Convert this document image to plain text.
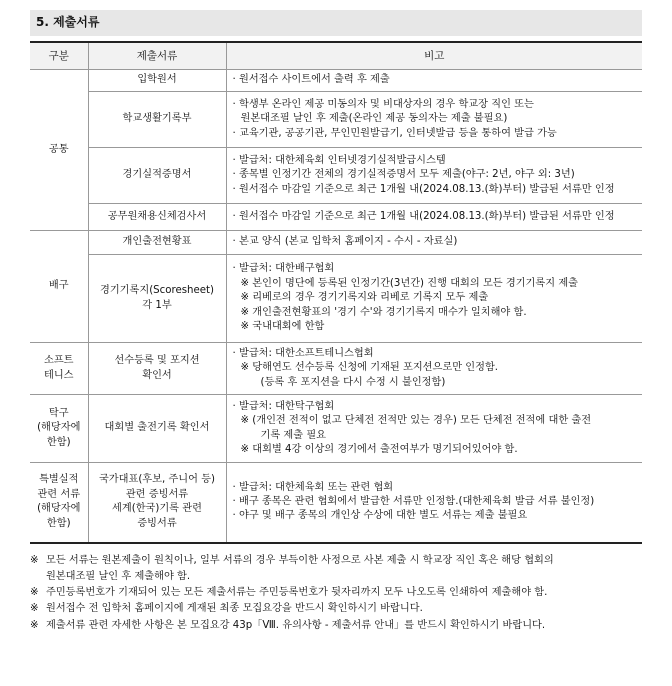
5. 제출서류
구분	제출서류	비고

공통	입학원서	· 원서접수 사이트에서 출력 후 제출

	학교생활기록부	· 학생부 온라인 제공 미동의자 및 비대상자의 경우 학교장 직인 또는
원본대조필 날인 후 제출(온라인 제공 동의자는 제출 불필요)
· 교육기관, 공공기관, 무인민원발급기, 인터넷발급 등을 통하여 발급 가능

	경기실적증명서	· 발급처: 대한체육회 인터넷경기실적발급시스템
· 종목별 인정기간 전체의 경기실적증명서 모두 제출(야구: 2년, 야구 외: 3년)
· 원서접수 마감일 기준으로 최근 1개월 내(2024.08.13.(화)부터) 발급된 서류만 인정

	공무원채용신체검사서	· 원서접수 마감일 기준으로 최근 1개월 내(2024.08.13.(화)부터) 발급된 서류만 인정

배구	개인출전현황표	· 본교 양식 (본교 입학처 홈페이지 - 수시 - 자료실)

	경기기록지(Scoresheet)
각 1부	· 발급처: 대한배구협회
※ 본인이 명단에 등록된 인정기간(3년간) 진행 대회의 모든 경기기록지 제출
※ 리베로의 경우 경기기록지와 리베로 기록지 모두 제출
※ 개인출전현황표의 '경기 수'와 경기기록지 매수가 일치해야 함.
※ 국내대회에 한함

소프트
테니스	선수등록 및 포지션
확인서	· 발급처: 대한소프트테니스협회
※ 당해연도 선수등록 신청에 기재된 포지션으로만 인정함.
(등록 후 포지션을 다시 수정 시 불인정함)

탁구
(해당자에
한함)	대회별 출전기록 확인서	· 발급처: 대한탁구협회
※ (개인전 전적이 없고 단체전 전적만 있는 경우) 모든 단체전 전적에 대한 출전
기록 제출 필요
※ 대회별 4강 이상의 경기에서 출전여부가 명기되어있어야 함.

특별실적
관련 서류
(해당자에
한함)	국가대표(후보, 주니어 등)
관련 증빙서류
세계(한국)기록 관련
증빙서류	· 발급처: 대한체육회 또는 관련 협회
· 배구 종목은 관련 협회에서 발급한 서류만 인정함.(대한체육회 발급 서류 불인정)
· 야구 및 배구 종목의 개인상 수상에 대한 별도 서류는 제출 불필요
※ 모든 서류는 원본제출이 원칙이나, 일부 서류의 경우 부득이한 사정으로 사본 제출 시 학교장 직인 혹은 해당 협회의
원본대조필 날인 후 제출해야 함.
※ 주민등록번호가 기재되어 있는 모든 제출서류는 주민등록번호가 뒷자리까지 모두 나오도록 인쇄하여 제출해야 함.
※ 원서접수 전 입학처 홈페이지에 게재된 최종 모집요강을 반드시 확인하시기 바랍니다.
※ 제출서류 관련 자세한 사항은 본 모집요강 43p「Ⅷ. 유의사항 - 제출서류 안내」를 반드시 확인하시기 바랍니다.
